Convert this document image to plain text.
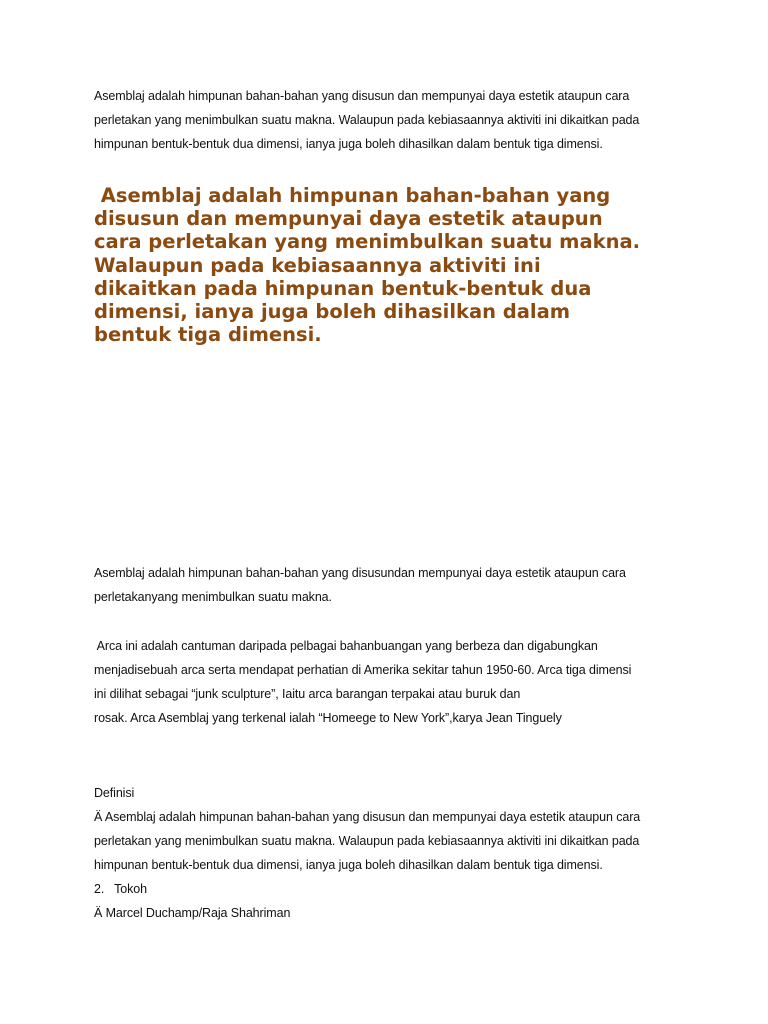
Asemblaj adalah himpunan bahan-bahan yang disusun dan mempunyai daya estetik ataupun cara
perletakan yang menimbulkan suatu makna. Walaupun pada kebiasaannya aktiviti ini dikaitkan pada
himpunan bentuk-bentuk dua dimensi, ianya juga boleh dihasilkan dalam bentuk tiga dimensi.

Asemblaj adalah himpunan bahan-bahan yang
disusun dan mempunyai daya estetik ataupun
cara perletakan yang menimbulkan suatu makna.
Walaupun pada kebiasaannya aktiviti ini
dikaitkan pada himpunan bentuk-bentuk dua
dimensi, ianya juga boleh dihasilkan dalam
bentuk tiga dimensi.

Asemblaj adalah himpunan bahan-bahan yang disusundan mempunyai daya estetik ataupun cara
perletakanyang menimbulkan suatu makna.

Arca ini adalah cantuman daripada pelbagai bahanbuangan yang berbeza dan digabungkan
menjadisebuah arca serta mendapat perhatian di Amerika sekitar tahun 1950-60. Arca tiga dimensi
ini dilihat sebagai “junk sculpture”, Iaitu arca barangan terpakai atau buruk dan
rosak. Arca Asemblaj yang terkenal ialah “Homeege to New York”,karya Jean Tinguely

Definisi
Ä Asemblaj adalah himpunan bahan-bahan yang disusun dan mempunyai daya estetik ataupun cara
perletakan yang menimbulkan suatu makna. Walaupun pada kebiasaannya aktiviti ini dikaitkan pada
himpunan bentuk-bentuk dua dimensi, ianya juga boleh dihasilkan dalam bentuk tiga dimensi.
2.   Tokoh
Ä Marcel Duchamp/Raja Shahriman
